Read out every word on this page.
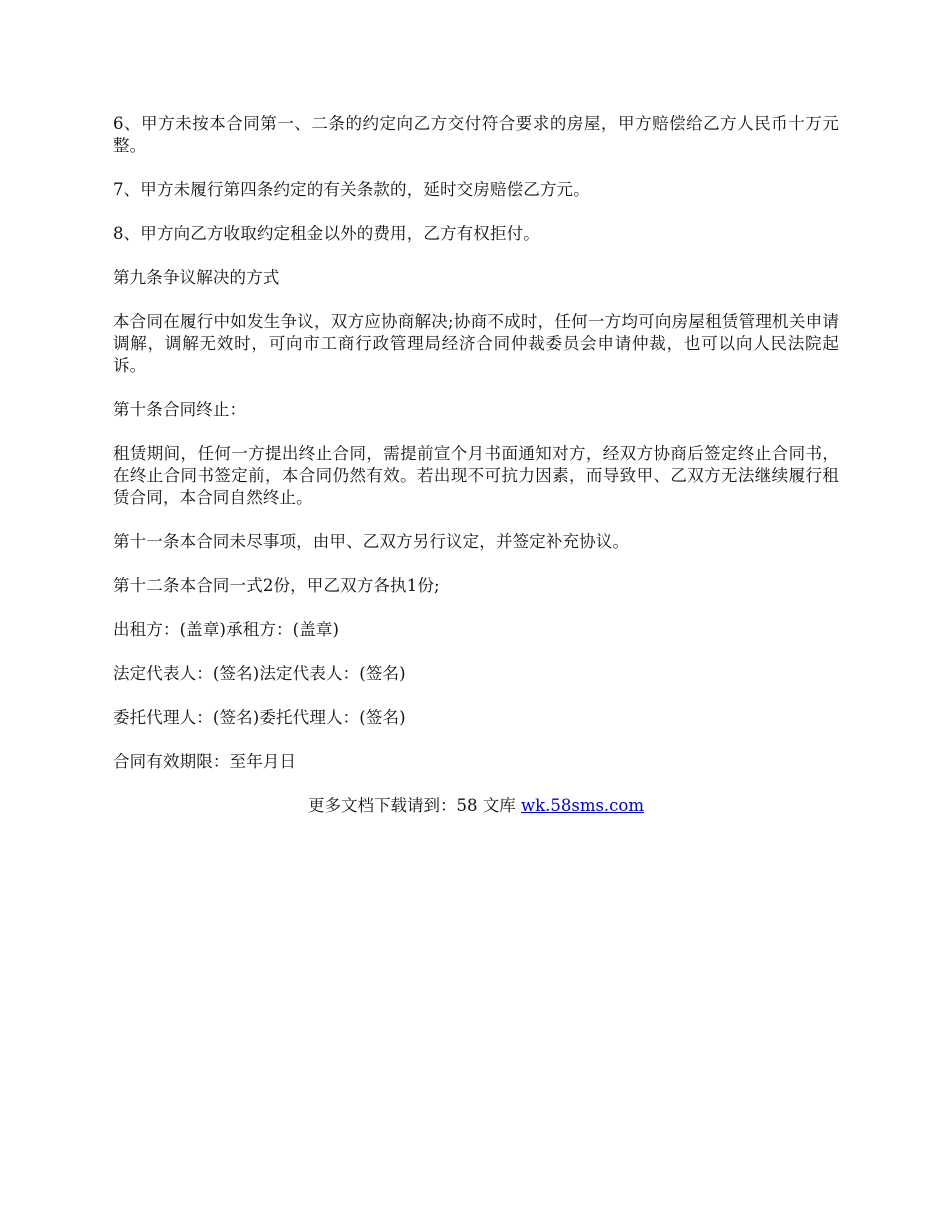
6、甲方未按本合同第一、二条的约定向乙方交付符合要求的房屋，甲方赔偿给乙方人民币十万元整。

7、甲方未履行第四条约定的有关条款的，延时交房赔偿乙方元。

8、甲方向乙方收取约定租金以外的费用，乙方有权拒付。

第九条争议解决的方式

本合同在履行中如发生争议，双方应协商解决;协商不成时，任何一方均可向房屋租赁管理机关申请调解，调解无效时，可向市工商行政管理局经济合同仲裁委员会申请仲裁，也可以向人民法院起诉。

第十条合同终止：

租赁期间，任何一方提出终止合同，需提前宣个月书面通知对方，经双方协商后签定终止合同书，在终止合同书签定前，本合同仍然有效。若出现不可抗力因素，而导致甲、乙双方无法继续履行租赁合同，本合同自然终止。

第十一条本合同未尽事项，由甲、乙双方另行议定，并签定补充协议。

第十二条本合同一式2份，甲乙双方各执1份;

出租方：(盖章)承租方：(盖章)

法定代表人：(签名)法定代表人：(签名)

委托代理人：(签名)委托代理人：(签名)

合同有效期限：至年月日

更多文档下载请到：58 文库 wk.58sms.com
